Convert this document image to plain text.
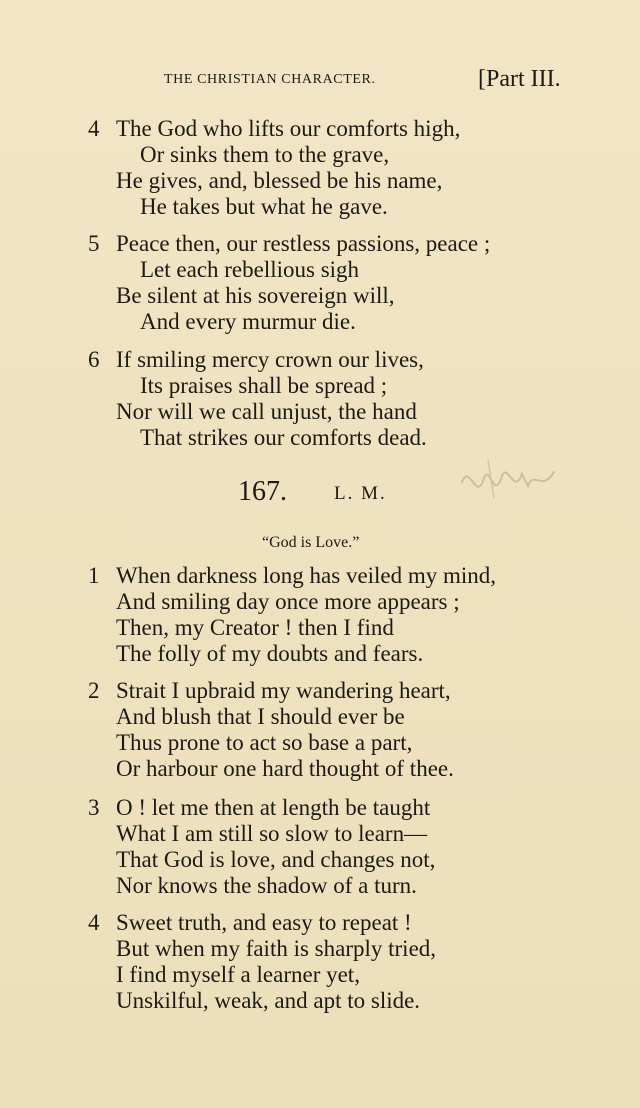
THE CHRISTIAN CHARACTER.	[Part III.
4 The God who lifts our comforts high,
Or sinks them to the grave,
He gives, and, blessed be his name,
He takes but what he gave.
5 Peace then, our restless passions, peace ;
Let each rebellious sigh
Be silent at his sovereign will,
And every murmur die.
6 If smiling mercy crown our lives,
Its praises shall be spread ;
Nor will we call unjust, the hand
That strikes our comforts dead.
167. L. M.
“God is Love.”
1 When darkness long has veiled my mind,
And smiling day once more appears ;
Then, my Creator ! then I find
The folly of my doubts and fears.
2 Strait I upbraid my wandering heart,
And blush that I should ever be
Thus prone to act so base a part,
Or harbour one hard thought of thee.
3 O ! let me then at length be taught
What I am still so slow to learn—
That God is love, and changes not,
Nor knows the shadow of a turn.
4 Sweet truth, and easy to repeat !
But when my faith is sharply tried,
I find myself a learner yet,
Unskilful, weak, and apt to slide.
